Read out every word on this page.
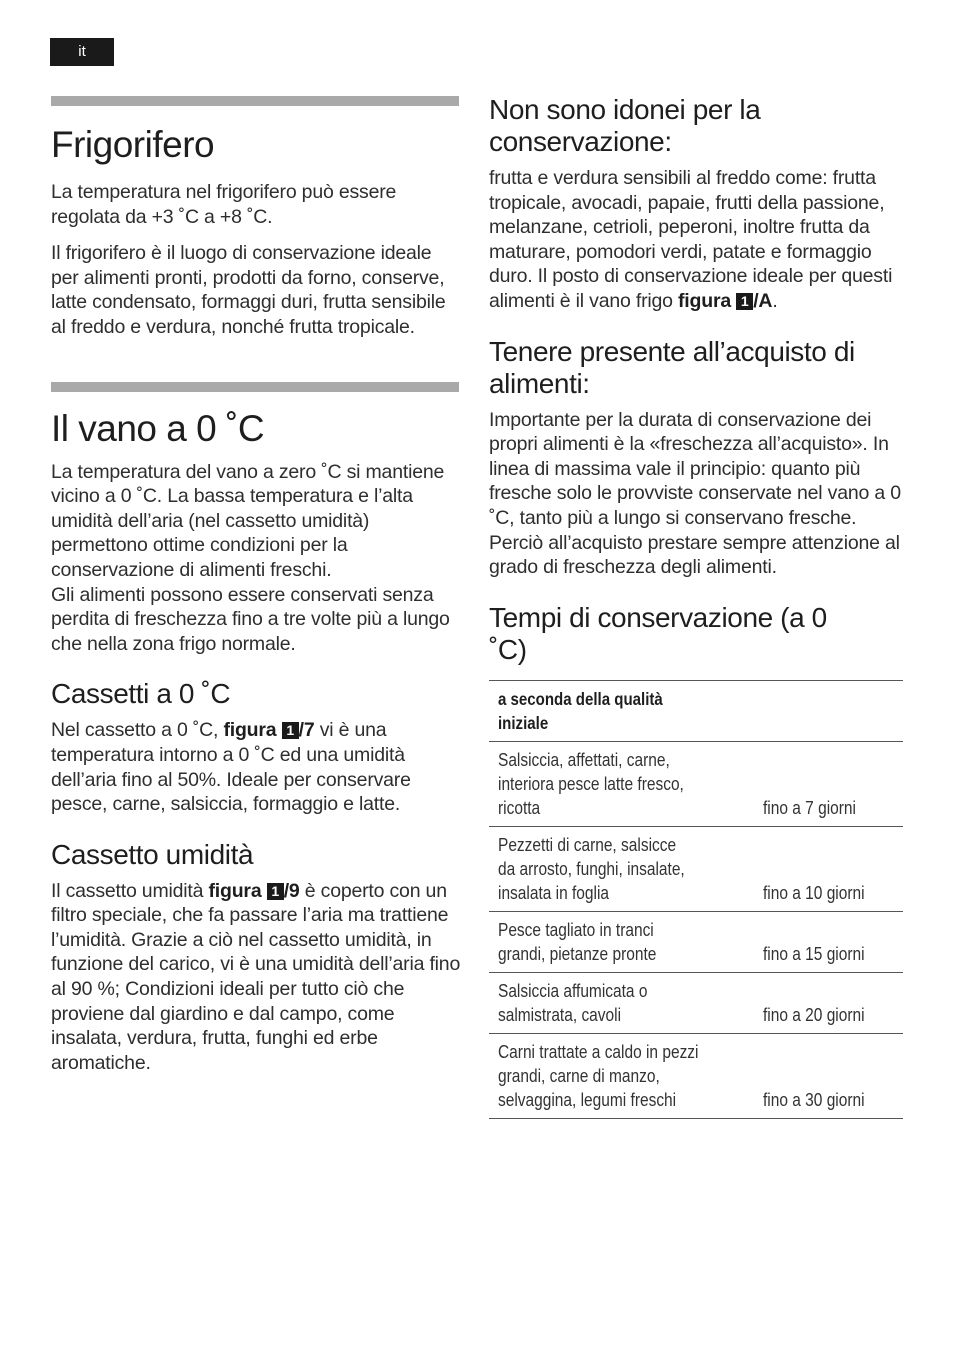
it
Frigorifero

La temperatura nel frigorifero può essere regolata da +3 ˚C a +8 ˚C.

Il frigorifero è il luogo di conservazione ideale per alimenti pronti, prodotti da forno, conserve, latte condensato, formaggi duri, frutta sensibile al freddo e verdura, nonché frutta tropicale.

Il vano a 0 ˚C

La temperatura del vano a zero ˚C si mantiene vicino a 0 ˚C. La bassa temperatura e l’alta umidità dell’aria (nel cassetto umidità) permettono ottime condizioni per la conservazione di alimenti freschi.
Gli alimenti possono essere conservati senza perdita di freschezza fino a tre volte più a lungo che nella zona frigo normale.

Cassetti a 0 ˚C

Nel cassetto a 0 ˚C, figura 1 /7 vi è una temperatura intorno a 0 ˚C ed una umidità dell’aria fino al 50%. Ideale per conservare pesce, carne, salsiccia, formaggio e latte.

Cassetto umidità

Il cassetto umidità figura 1 /9 è coperto con un filtro speciale, che fa passare l’aria ma trattiene l’umidità. Grazie a ciò nel cassetto umidità, in funzione del carico, vi è una umidità dell’aria fino al 90 %; Condizioni ideali per tutto ciò che proviene dal giardino e dal campo, come insalata, verdura, frutta, funghi ed erbe aromatiche.

Non sono idonei per la conservazione:

frutta e verdura sensibili al freddo come: frutta tropicale, avocadi, papaie, frutti della passione, melanzane, cetrioli, peperoni, inoltre frutta da maturare, pomodori verdi, patate e formaggio duro. Il posto di conservazione ideale per questi alimenti è il vano frigo figura 1 /A.

Tenere presente all’acquisto di alimenti:

Importante per la durata di conservazione dei propri alimenti è la «freschezza all’acquisto». In linea di massima vale il principio: quanto più fresche solo le provviste conservate nel vano a 0 ˚C, tanto più a lungo si conservano fresche. Perciò all’acquisto prestare sempre attenzione al grado di freschezza degli alimenti.

Tempi di conservazione (a 0 ˚C)
a seconda della qualità iniziale	
Salsiccia, affettati, carne,
interiora pesce latte fresco,
ricotta	fino a 7 giorni
Pezzetti di carne, salsicce
da arrosto, funghi, insalate,
insalata in foglia	fino a 10 giorni
Pesce tagliato in tranci
grandi, pietanze pronte	fino a 15 giorni
Salsiccia affumicata o
salmistrata, cavoli	fino a 20 giorni
Carni trattate a caldo in pezzi
grandi, carne di manzo,
selvaggina, legumi freschi	fino a 30 giorni
